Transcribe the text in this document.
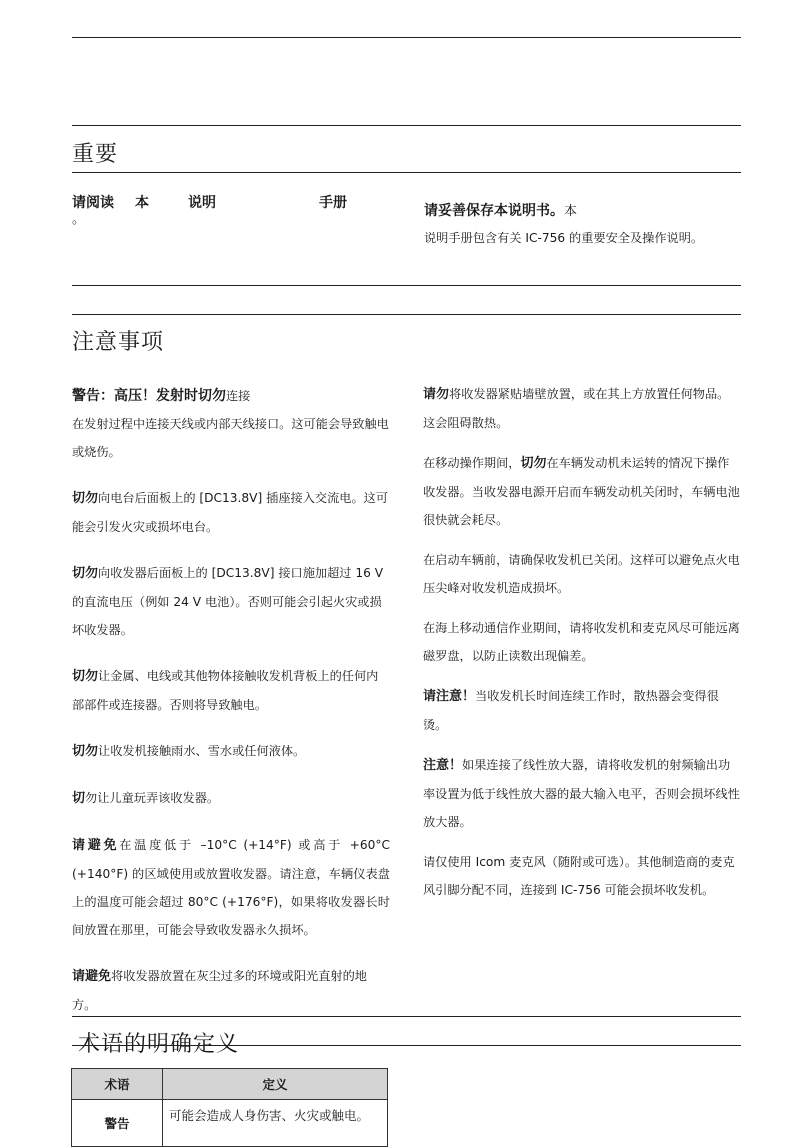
重要
请阅读 本	说明	手册
。
请妥善保存本说明书。本
说明手册包含有关 IC-756 的重要安全及操作说明。
注意事项

警告：高压！发射时切勿连接

在发射过程中连接天线或内部天线接口。这可能会导致触电或烧伤。

切勿向电台后面板上的 [DC13.8V] 插座接入交流电。这可能会引发火灾或损坏电台。

切勿向收发器后面板上的 [DC13.8V] 接口施加超过 16 V 的直流电压（例如 24 V 电池）。否则可能会引起火灾或损坏收发器。

切勿让金属、电线或其他物体接触收发机背板上的任何内部部件或连接器。否则将导致触电。

切勿让收发机接触雨水、雪水或任何液体。

切勿让儿童玩弄该收发器。

请避免在温度低于 –10°C (+14°F) 或高于 +60°C (+140°F) 的区域使用或放置收发器。请注意，车辆仪表盘上的温度可能会超过 80°C (+176°F)，如果将收发器长时间放置在那里，可能会导致收发器永久损坏。

请避免将收发器放置在灰尘过多的环境或阳光直射的地方。

请勿将收发器紧贴墙壁放置，或在其上方放置任何物品。这会阻碍散热。

在移动操作期间，切勿在车辆发动机未运转的情况下操作收发器。当收发器电源开启而车辆发动机关闭时，车辆电池很快就会耗尽。

在启动车辆前，请确保收发机已关闭。这样可以避免点火电压尖峰对收发机造成损坏。

在海上移动通信作业期间，请将收发机和麦克风尽可能远离磁罗盘，以防止读数出现偏差。

请注意！当收发机长时间连续工作时，散热器会变得很烫。

注意！如果连接了线性放大器，请将收发机的射频输出功率设置为低于线性放大器的最大输入电平，否则会损坏线性放大器。

请仅使用 Icom 麦克风（随附或可选）。其他制造商的麦克风引脚分配不同，连接到 IC-756 可能会损坏收发机。

术语的明确定义
术语	定义
警告	可能会造成人身伤害、火灾或触电。
